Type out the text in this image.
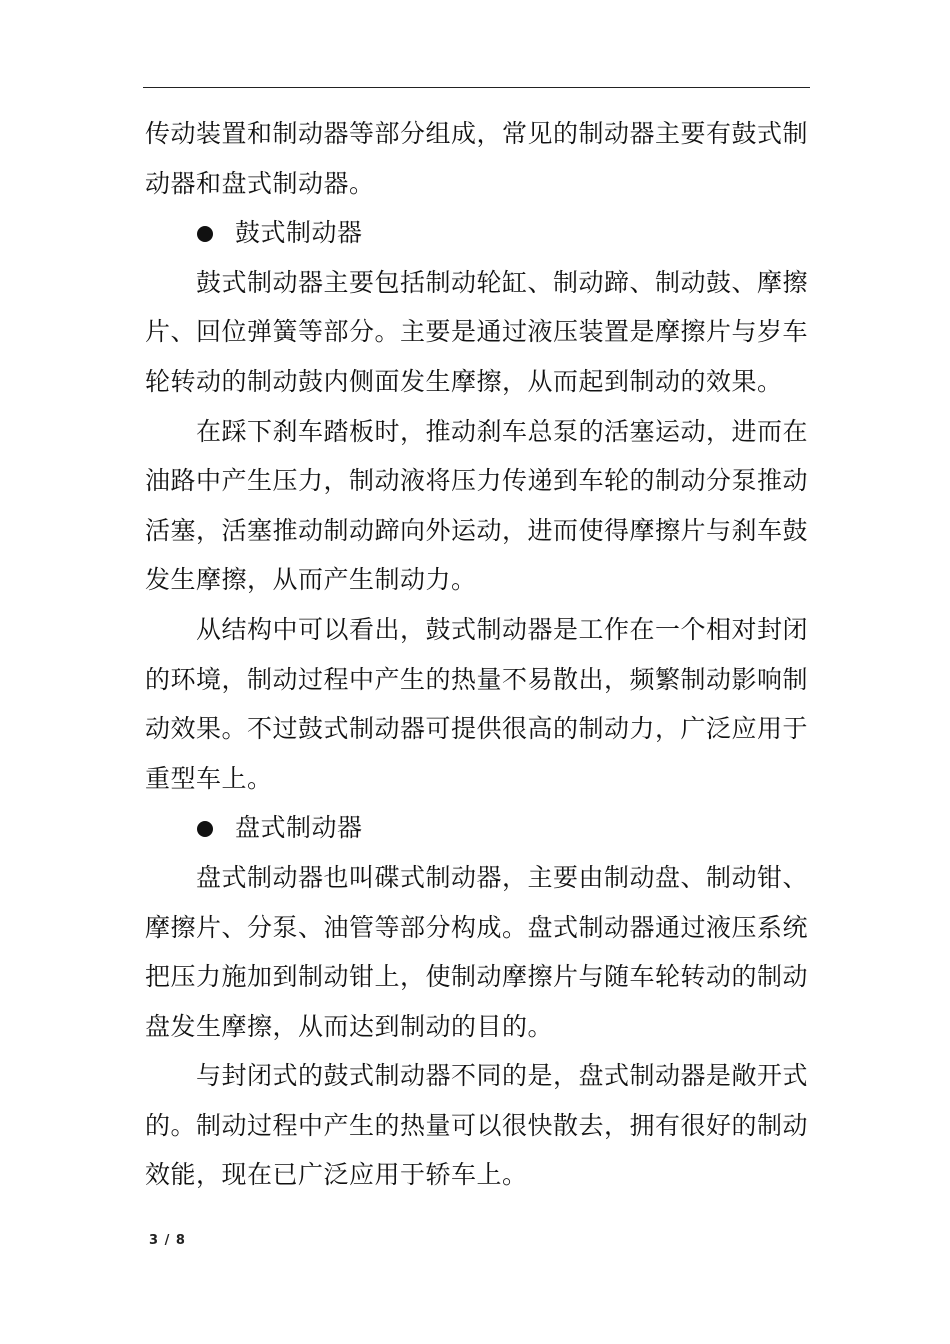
传动装置和制动器等部分组成，常见的制动器主要有鼓式制
动器和盘式制动器。
鼓式制动器
鼓式制动器主要包括制动轮缸、制动蹄、制动鼓、摩擦
片、回位弹簧等部分。主要是通过液压装置是摩擦片与岁车
轮转动的制动鼓内侧面发生摩擦，从而起到制动的效果。
在踩下刹车踏板时，推动刹车总泵的活塞运动，进而在
油路中产生压力，制动液将压力传递到车轮的制动分泵推动
活塞，活塞推动制动蹄向外运动，进而使得摩擦片与刹车鼓
发生摩擦，从而产生制动力。
从结构中可以看出，鼓式制动器是工作在一个相对封闭
的环境，制动过程中产生的热量不易散出，频繁制动影响制
动效果。不过鼓式制动器可提供很高的制动力，广泛应用于
重型车上。
盘式制动器
盘式制动器也叫碟式制动器，主要由制动盘、制动钳、
摩擦片、分泵、油管等部分构成。盘式制动器通过液压系统
把压力施加到制动钳上，使制动摩擦片与随车轮转动的制动
盘发生摩擦，从而达到制动的目的。
与封闭式的鼓式制动器不同的是，盘式制动器是敞开式
的。制动过程中产生的热量可以很快散去，拥有很好的制动
效能，现在已广泛应用于轿车上。
3 / 8
